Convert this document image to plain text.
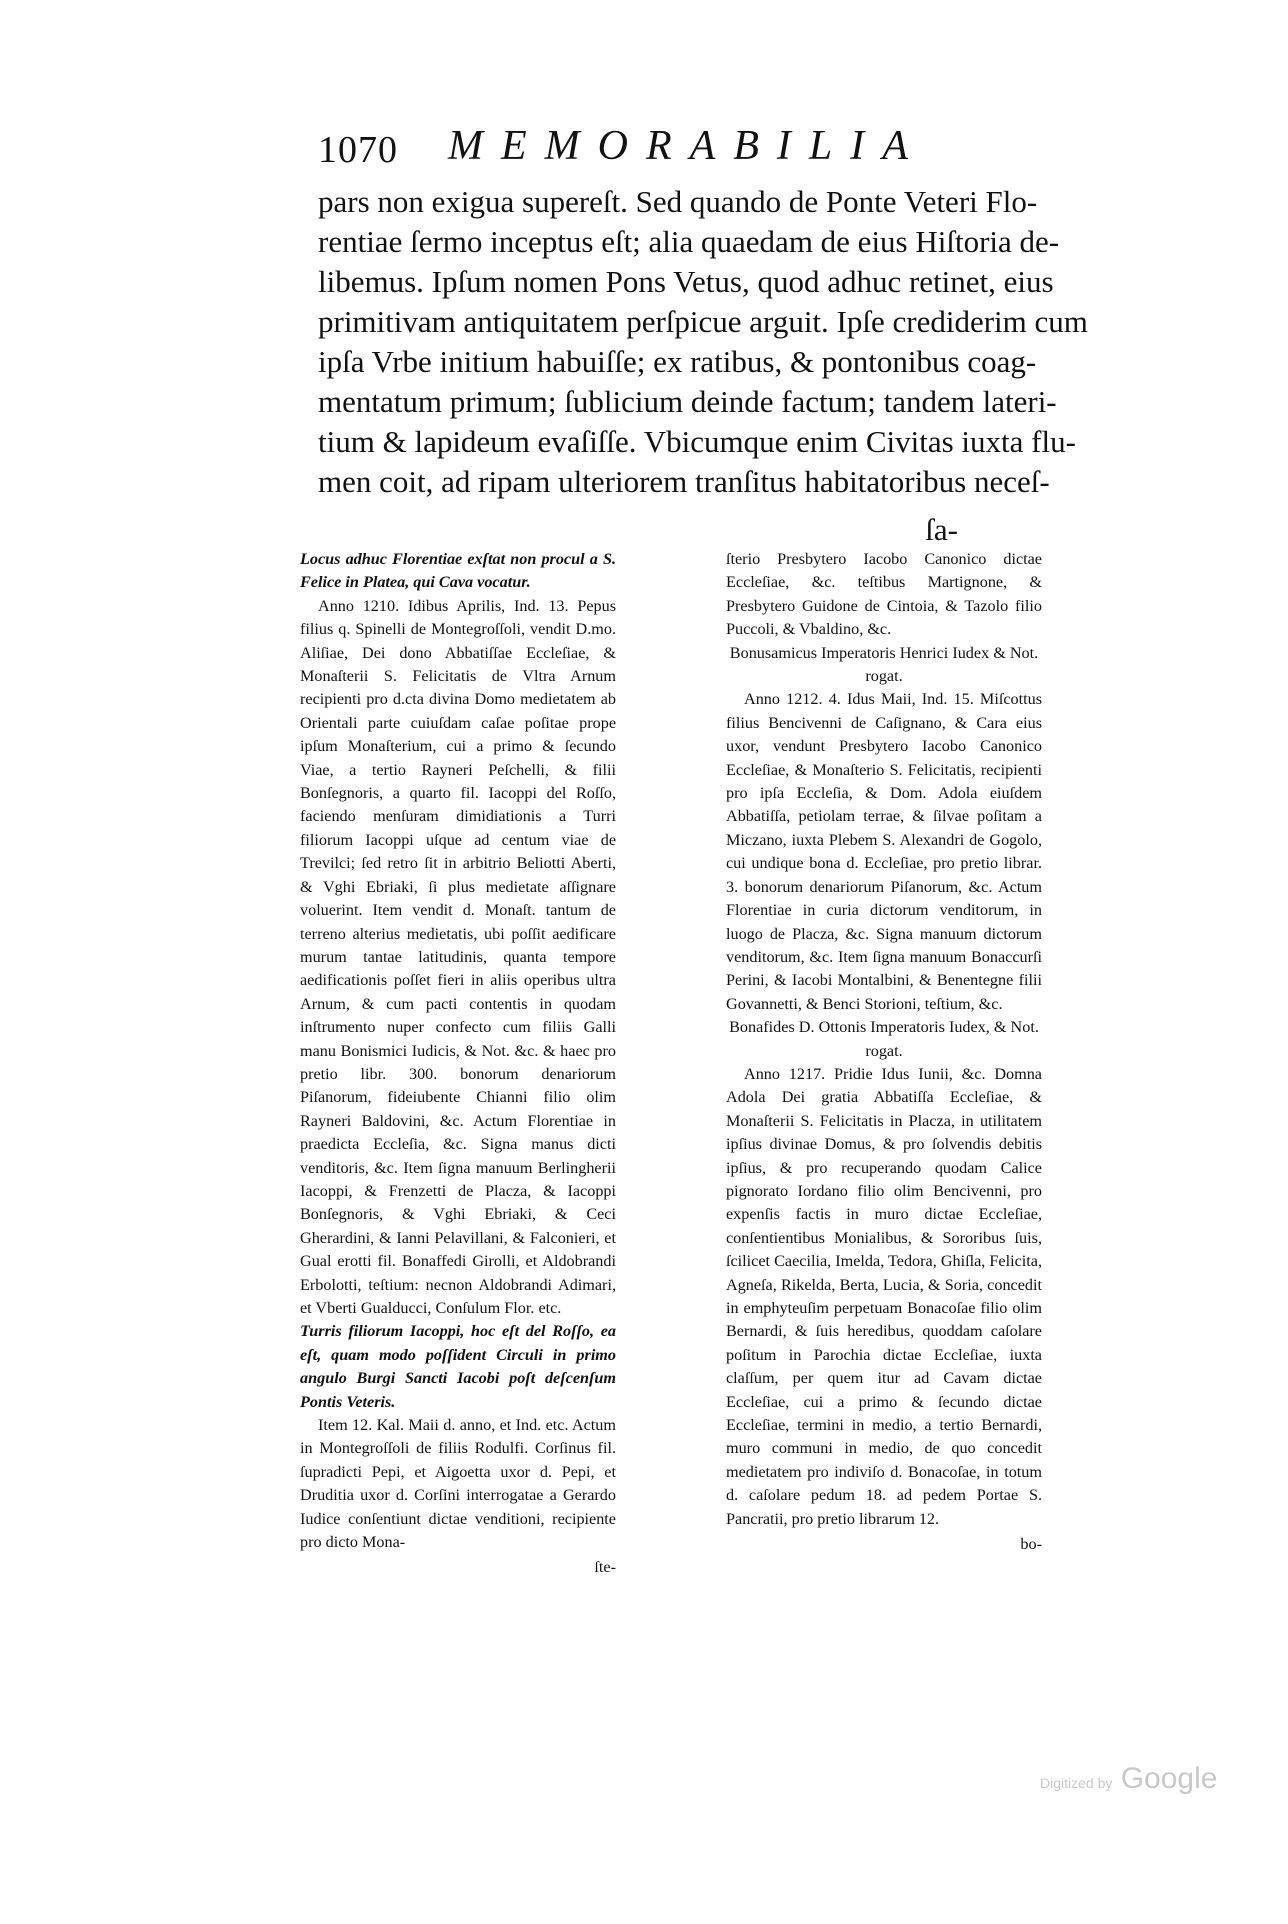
1070 MEMORABILIA
pars non exigua supereſt. Sed quando de Ponte Veteri Flo-
rentiae ſermo inceptus eſt; alia quaedam de eius Hiſtoria de-
libemus. Ipſum nomen Pons Vetus, quod adhuc retinet, eius
primitivam antiquitatem perſpicue arguit. Ipſe crediderim cum
ipſa Vrbe initium habuiſſe; ex ratibus, & pontonibus coag-
mentatum primum; ſublicium deinde factum; tandem lateri-
tium & lapideum evaſiſſe. Vbicumque enim Civitas iuxta flu-
men coit, ad ripam ulteriorem tranſitus habitatoribus neceſ-
ſa-

Locus adhuc Florentiae exſtat non procul a S. Felice in Platea, qui Cava vocatur.

Anno 1210. Idibus Aprilis, Ind. 13. Pepus filius q. Spinelli de Montegroſſoli, vendit D.mo. Aliſiae, Dei dono Abbatiſſae Eccleſiae, & Monaſterii S. Felicitatis de Vltra Arnum recipienti pro d.cta divina Domo medietatem ab Orientali parte cuiuſdam caſae poſitae prope ipſum Monaſterium, cui a primo & ſecundo Viae, a tertio Rayneri Peſchelli, & filii Bonſegnoris, a quarto fil. Iacoppi del Roſſo, faciendo menſuram dimidiationis a Turri filiorum Iacoppi uſque ad centum viae de Trevilci; ſed retro ſit in arbitrio Beliotti Aberti, & Vghi Ebriaki, ſi plus medietate aſſignare voluerint. Item vendit d. Monaſt. tantum de terreno alterius medietatis, ubi poſſit aedificare murum tantae latitudinis, quanta tempore aedificationis poſſet fieri in aliis operibus ultra Arnum, & cum pacti contentis in quodam inſtrumento nuper confecto cum filiis Galli manu Bonismici Iudicis, & Not. &c. & haec pro pretio libr. 300. bonorum denariorum Piſanorum, fideiubente Chianni filio olim Rayneri Baldovini, &c. Actum Florentiae in praedicta Eccleſia, &c. Signa manus dicti venditoris, &c. Item ſigna manuum Berlingherii Iacoppi, & Frenzetti de Placza, & Iacoppi Bonſegnoris, & Vghi Ebriaki, & Ceci Gherardini, & Ianni Pelavillani, & Falconieri, et Gual erotti fil. Bonaffedi Girolli, et Aldobrandi Erbolotti, teſtium: necnon Aldobrandi Adimari, et Vberti Gualducci, Conſulum Flor. etc.

Turris filiorum Iacoppi, hoc eſt del Roſſo, ea eſt, quam modo poſſident Circuli in primo angulo Burgi Sancti Iacobi poſt deſcenſum Pontis Veteris.

Item 12. Kal. Maii d. anno, et Ind. etc. Actum in Montegroſſoli de filiis Rodulfi. Corſinus fil. ſupradicti Pepi, et Aigoetta uxor d. Pepi, et Druditia uxor d. Corſini interrogatae a Gerardo Iudice conſentiunt dictae venditioni, recipiente pro dicto Mona-

ſte-

ſterio Presbytero Iacobo Canonico dictae Eccleſiae, &c. teſtibus Martignone, & Presbytero Guidone de Cintoia, & Tazolo filio Puccoli, & Vbaldino, &c.

Bonusamicus Imperatoris Henrici Iudex & Not. rogat.

Anno 1212. 4. Idus Maii, Ind. 15. Miſcottus filius Bencivenni de Caſignano, & Cara eius uxor, vendunt Presbytero Iacobo Canonico Eccleſiae, & Monaſterio S. Felicitatis, recipienti pro ipſa Eccleſia, & Dom. Adola eiuſdem Abbatiſſa, petiolam terrae, & ſilvae poſitam a Miczano, iuxta Plebem S. Alexandri de Gogolo, cui undique bona d. Eccleſiae, pro pretio librar. 3. bonorum denariorum Piſanorum, &c. Actum Florentiae in curia dictorum venditorum, in luogo de Placza, &c. Signa manuum dictorum venditorum, &c. Item ſigna manuum Bonaccurſi Perini, & Iacobi Montalbini, & Benentegne filii Govannetti, & Benci Storioni, teſtium, &c.

Bonafides D. Ottonis Imperatoris Iudex, & Not. rogat.

Anno 1217. Pridie Idus Iunii, &c. Domna Adola Dei gratia Abbatiſſa Eccleſiae, & Monaſterii S. Felicitatis in Placza, in utilitatem ipſius divinae Domus, & pro ſolvendis debitis ipſius, & pro recuperando quodam Calice pignorato Iordano filio olim Bencivenni, pro expenſis factis in muro dictae Eccleſiae, conſentientibus Monialibus, & Sororibus ſuis, ſcilicet Caecilia, Imelda, Tedora, Ghiſla, Felicita, Agneſa, Rikelda, Berta, Lucia, & Soria, concedit in emphyteuſim perpetuam Bonacoſae filio olim Bernardi, & ſuis heredibus, quoddam caſolare poſitum in Parochia dictae Eccleſiae, iuxta claſſum, per quem itur ad Cavam dictae Eccleſiae, cui a primo & ſecundo dictae Eccleſiae, termini in medio, a tertio Bernardi, muro communi in medio, de quo concedit medietatem pro indiviſo d. Bonacoſae, in totum d. caſolare pedum 18. ad pedem Portae S. Pancratii, pro pretio librarum 12.

bo-
Digitized by Google
